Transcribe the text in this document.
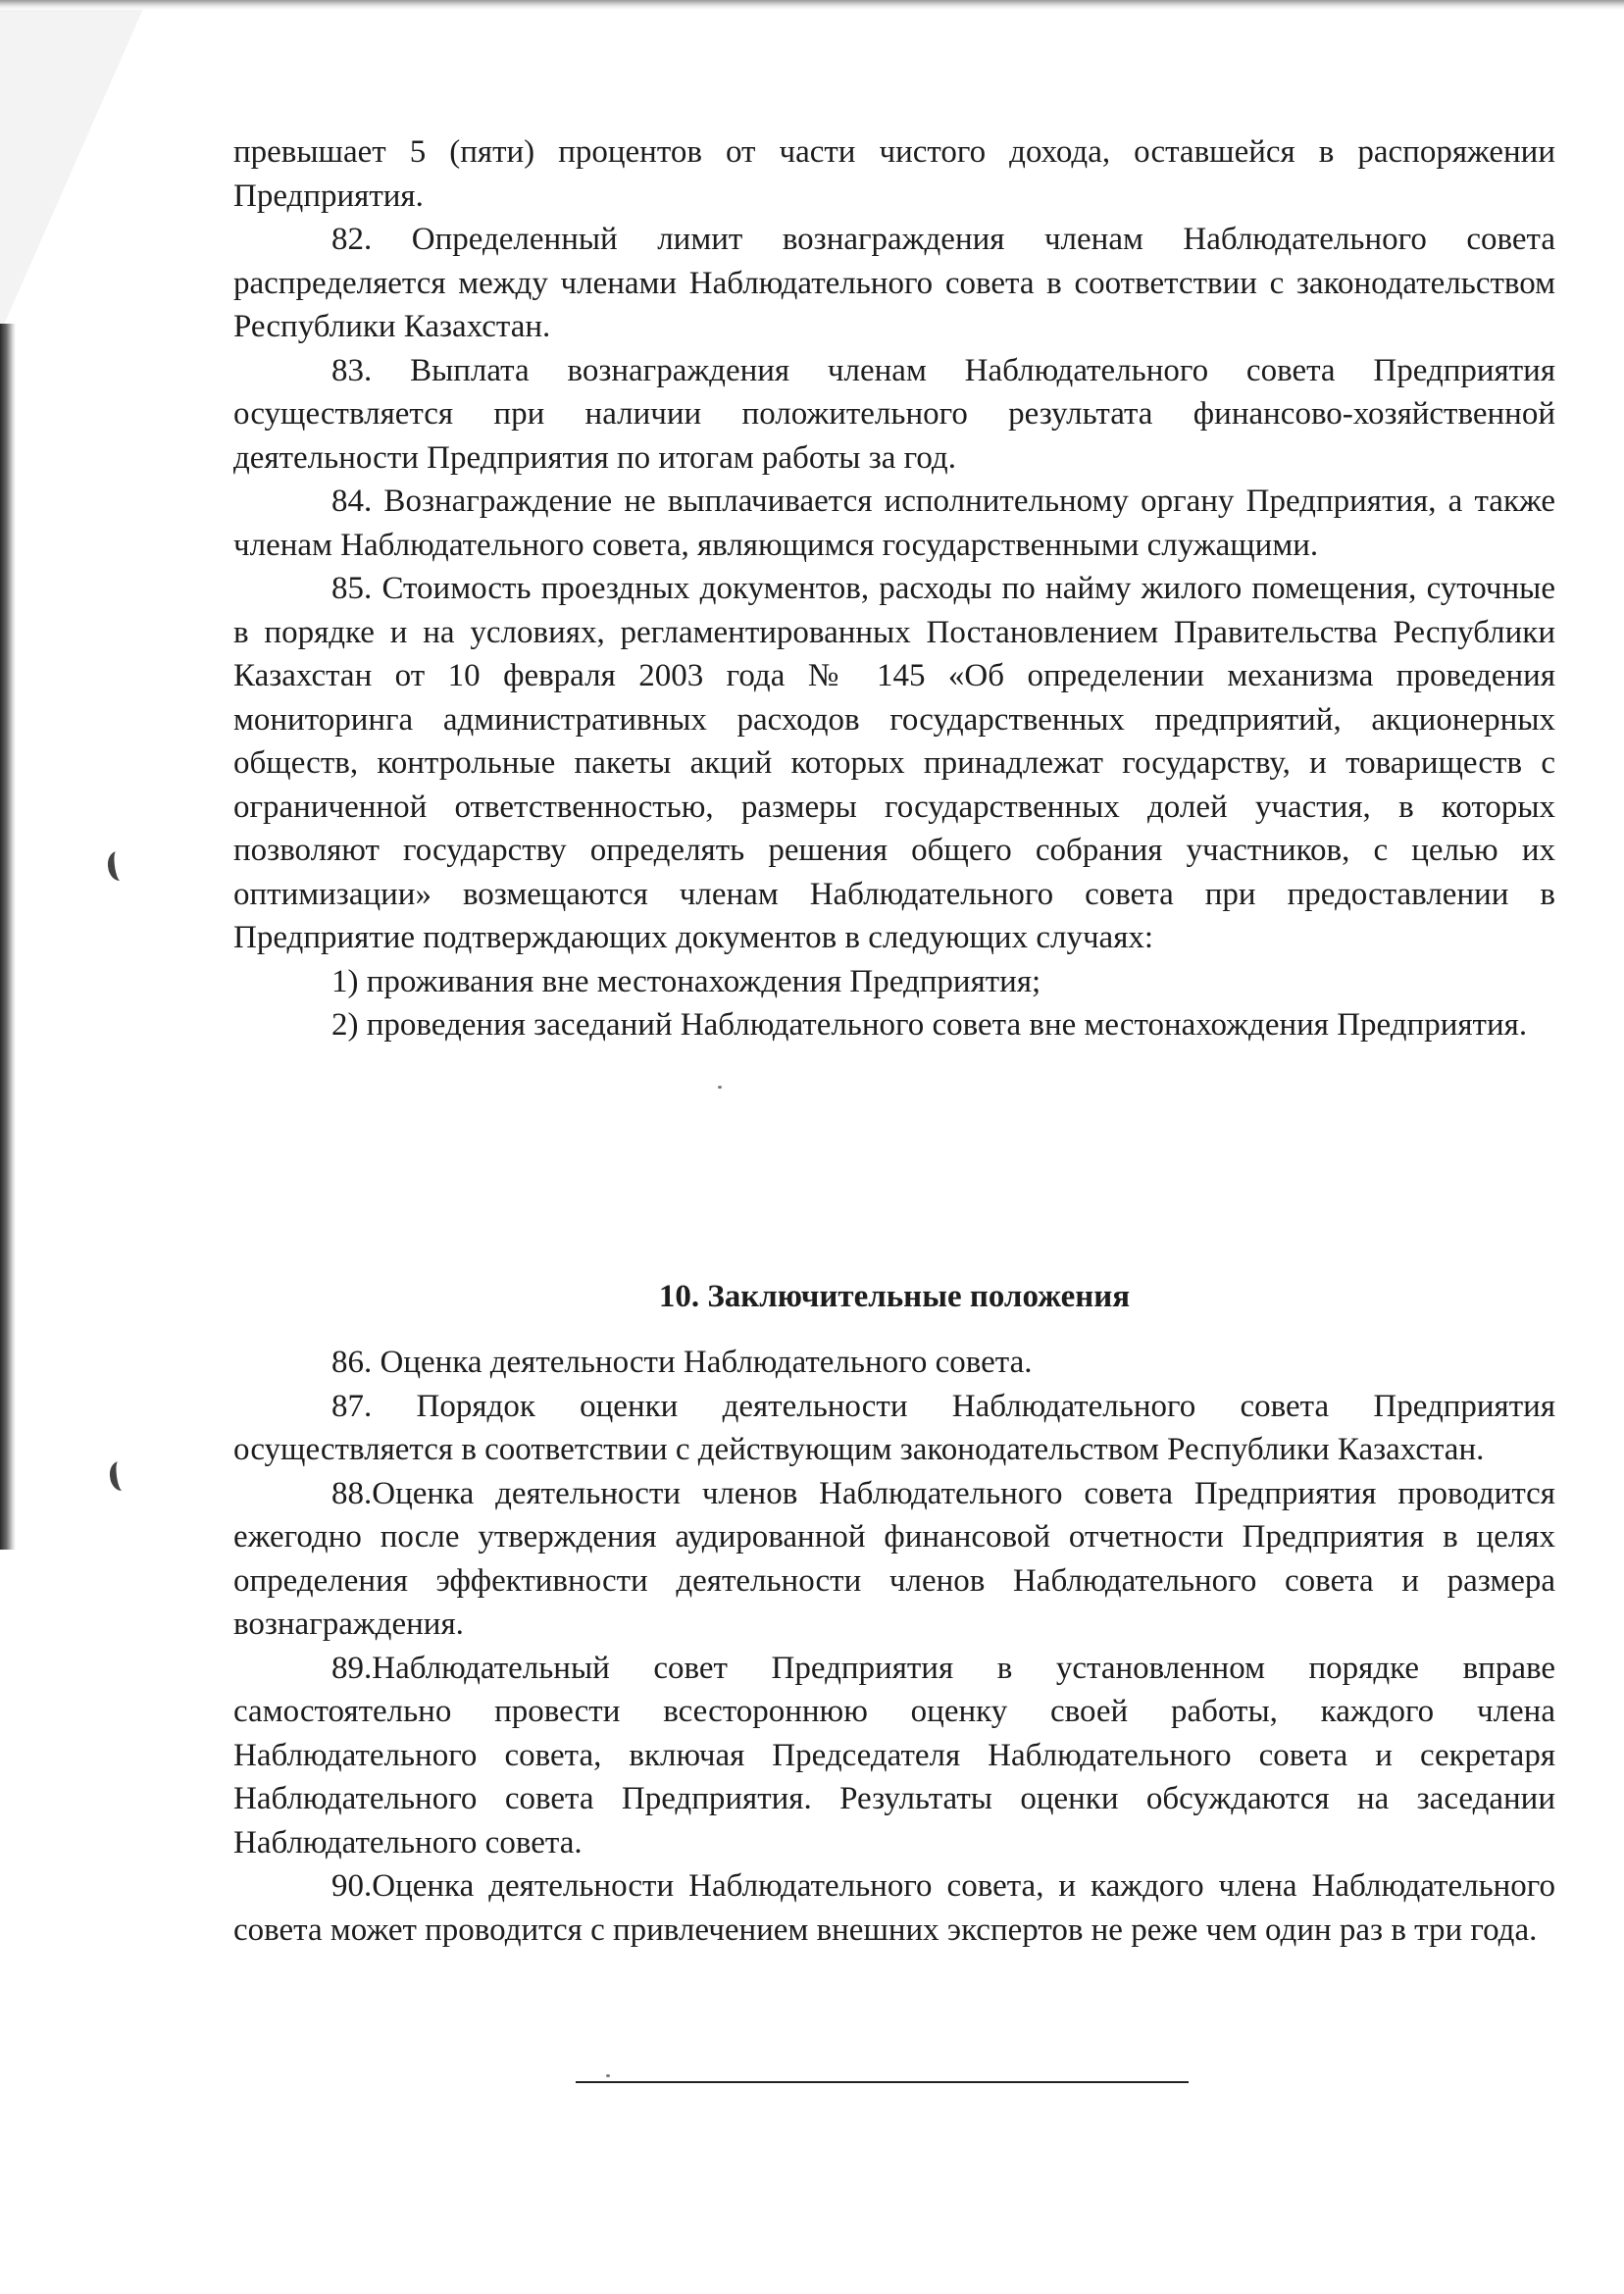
превышает 5 (пяти) процентов от части чистого дохода, оставшейся в распоряжении Предприятия.

82. Определенный лимит вознаграждения членам Наблюдательного совета распределяется между членами Наблюдательного совета в соответствии с законодательством Республики Казахстан.

83. Выплата вознаграждения членам Наблюдательного совета Предприятия осуществляется при наличии положительного результата финансово-хозяйственной деятельности Предприятия по итогам работы за год.

84. Вознаграждение не выплачивается исполнительному органу Предприятия, а также членам Наблюдательного совета, являющимся государственными служащими.

85. Стоимость проездных документов, расходы по найму жилого помещения, суточные в порядке и на условиях, регламентированных Постановлением Правительства Республики Казахстан от 10 февраля 2003 года № 145 «Об определении механизма проведения мониторинга административных расходов государственных предприятий, акционерных обществ, контрольные пакеты акций которых принадлежат государству, и товариществ с ограниченной ответственностью, размеры государственных долей участия, в которых позволяют государству определять решения общего собрания участников, с целью их оптимизации» возмещаются членам Наблюдательного совета при предоставлении в Предприятие подтверждающих документов в следующих случаях:

1) проживания вне местонахождения Предприятия;

2) проведения заседаний Наблюдательного совета вне местонахождения Предприятия.

10. Заключительные положения

86. Оценка деятельности Наблюдательного совета.

87. Порядок оценки деятельности Наблюдательного совета Предприятия осуществляется в соответствии с действующим законодательством Республики Казахстан.

88.Оценка деятельности членов Наблюдательного совета Предприятия проводится ежегодно после утверждения аудированной финансовой отчетности Предприятия в целях определения эффективности деятельности членов Наблюдательного совета и размера вознаграждения.

89.Наблюдательный совет Предприятия в установленном порядке вправе самостоятельно провести всестороннюю оценку своей работы, каждого члена Наблюдательного совета, включая Председателя Наблюдательного совета и секретаря Наблюдательного совета Предприятия. Результаты оценки обсуждаются на заседании Наблюдательного совета.

90.Оценка деятельности Наблюдательного совета, и каждого члена Наблюдательного совета может проводится с привлечением внешних экспертов не реже чем один раз в три года.
